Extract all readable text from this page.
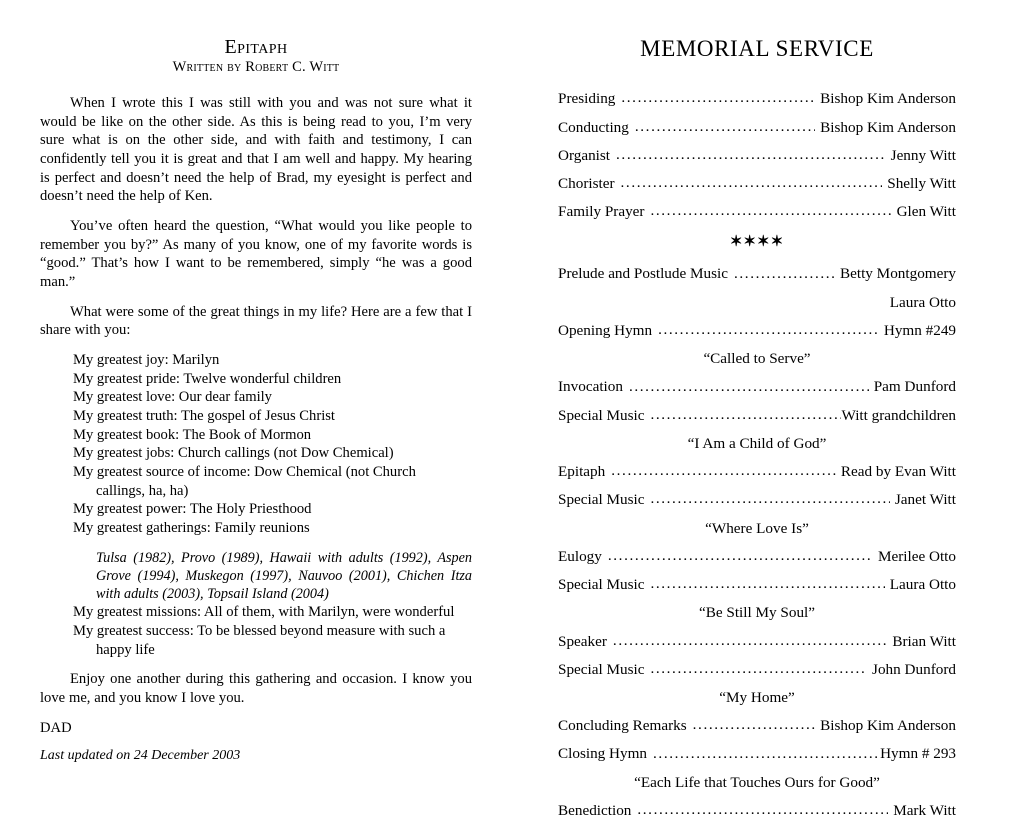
Epitaph
Written by Robert C. Witt

When I wrote this I was still with you and was not sure what it would be like on the other side. As this is being read to you, I’m very sure what is on the other side, and with faith and testimony, I can confidently tell you it is great and that I am well and happy. My hearing is perfect and doesn’t need the help of Brad, my eyesight is perfect and doesn’t need the help of Ken.

You’ve often heard the question, “What would you like people to remember you by?” As many of you know, one of my favorite words is “good.” That’s how I want to be remembered, simply “he was a good man.”

What were some of the great things in my life? Here are a few that I share with you:

My greatest joy: Marilyn
My greatest pride: Twelve wonderful children
My greatest love: Our dear family
My greatest truth: The gospel of Jesus Christ
My greatest book: The Book of Mormon
My greatest jobs: Church callings (not Dow Chemical)
My greatest source of income: Dow Chemical (not Church
callings, ha, ha)
My greatest power: The Holy Priesthood
My greatest gatherings: Family reunions

Tulsa (1982), Provo (1989), Hawaii with adults (1992), Aspen Grove (1994), Muskegon (1997), Nauvoo (2001), Chichen Itza with adults (2003), Topsail Island (2004)

My greatest missions: All of them, with Marilyn, were wonderful
My greatest success: To be blessed beyond measure with such a
happy life

Enjoy one another during this gathering and occasion. I know you love me, and you know I love you.

DAD

Last updated on 24 December 2003

MEMORIAL SERVICE
Presiding .....	Bishop Kim Anderson
Conducting .....	Bishop Kim Anderson
Organist .....	Jenny Witt
Chorister .....	Shelly Witt
Family Prayer .....	Glen Witt
✶✶✶✶
Prelude and Postlude Music .....	Betty Montgomery
Laura Otto
Opening Hymn .....	Hymn #249
“Called to Serve”
Invocation .....	Pam Dunford
Special Music .....	Witt grandchildren
“I Am a Child of God”
Epitaph .....	Read by Evan Witt
Special Music .....	Janet Witt
“Where Love Is”
Eulogy .....	Merilee Otto
Special Music .....	Laura Otto
“Be Still My Soul”
Speaker .....	Brian Witt
Special Music .....	John Dunford
“My Home”
Concluding Remarks .....	Bishop Kim Anderson
Closing Hymn .....	Hymn # 293
“Each Life that Touches Ours for Good”
Benediction .....	Mark Witt
